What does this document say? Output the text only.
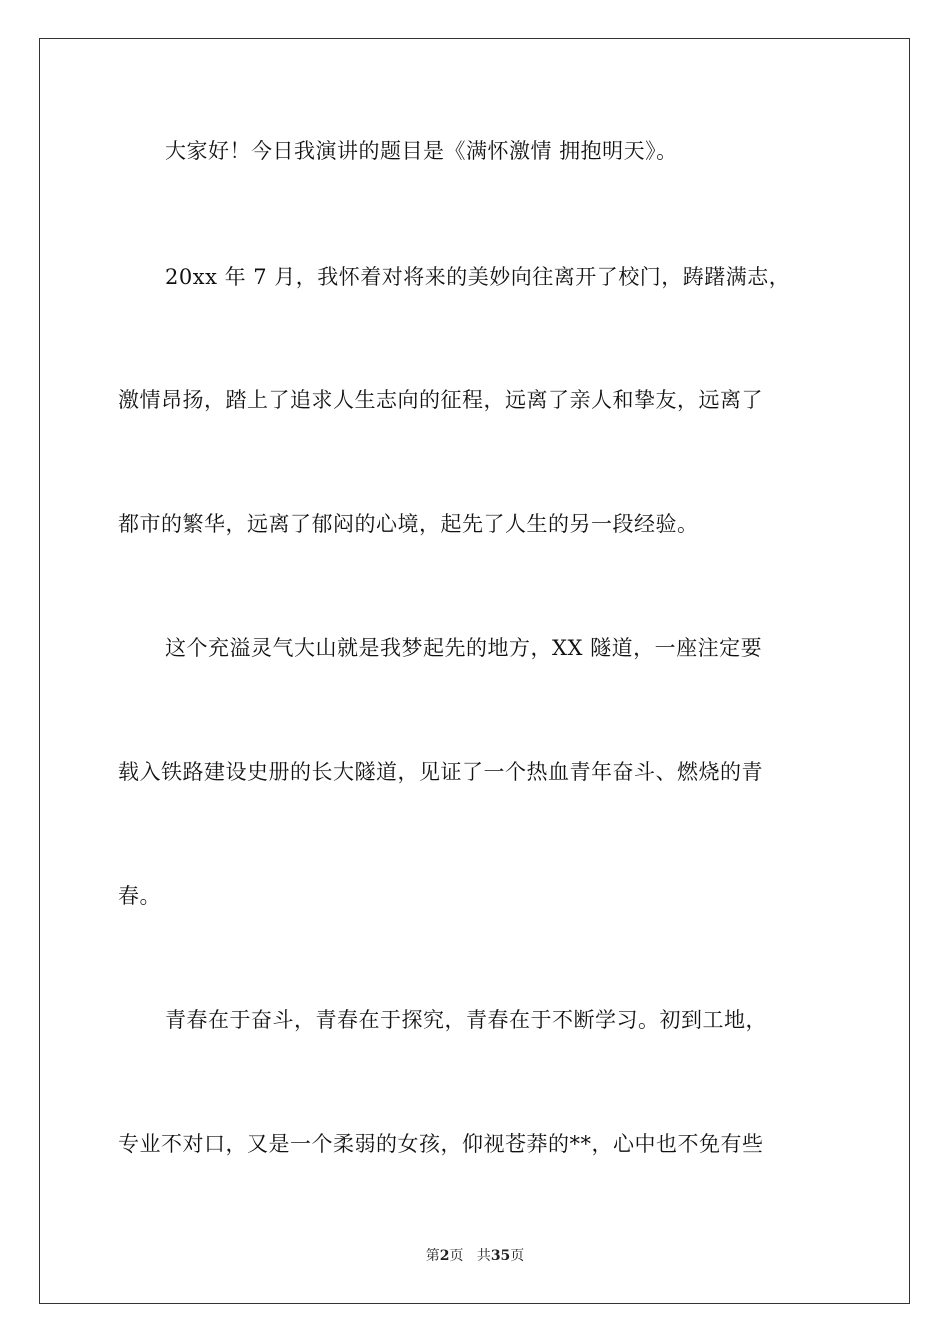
大家好！今日我演讲的题目是《满怀激情 拥抱明天》。
20xx 年 7 月，我怀着对将来的美妙向往离开了校门，踌躇满志，
激情昂扬，踏上了追求人生志向的征程，远离了亲人和挚友，远离了
都市的繁华，远离了郁闷的心境，起先了人生的另一段经验。
这个充溢灵气大山就是我梦起先的地方，XX 隧道，一座注定要
载入铁路建设史册的长大隧道，见证了一个热血青年奋斗、燃烧的青
春。
青春在于奋斗，青春在于探究，青春在于不断学习。初到工地，
专业不对口，又是一个柔弱的女孩，仰视苍莽的**，心中也不免有些
第2页 共35页
